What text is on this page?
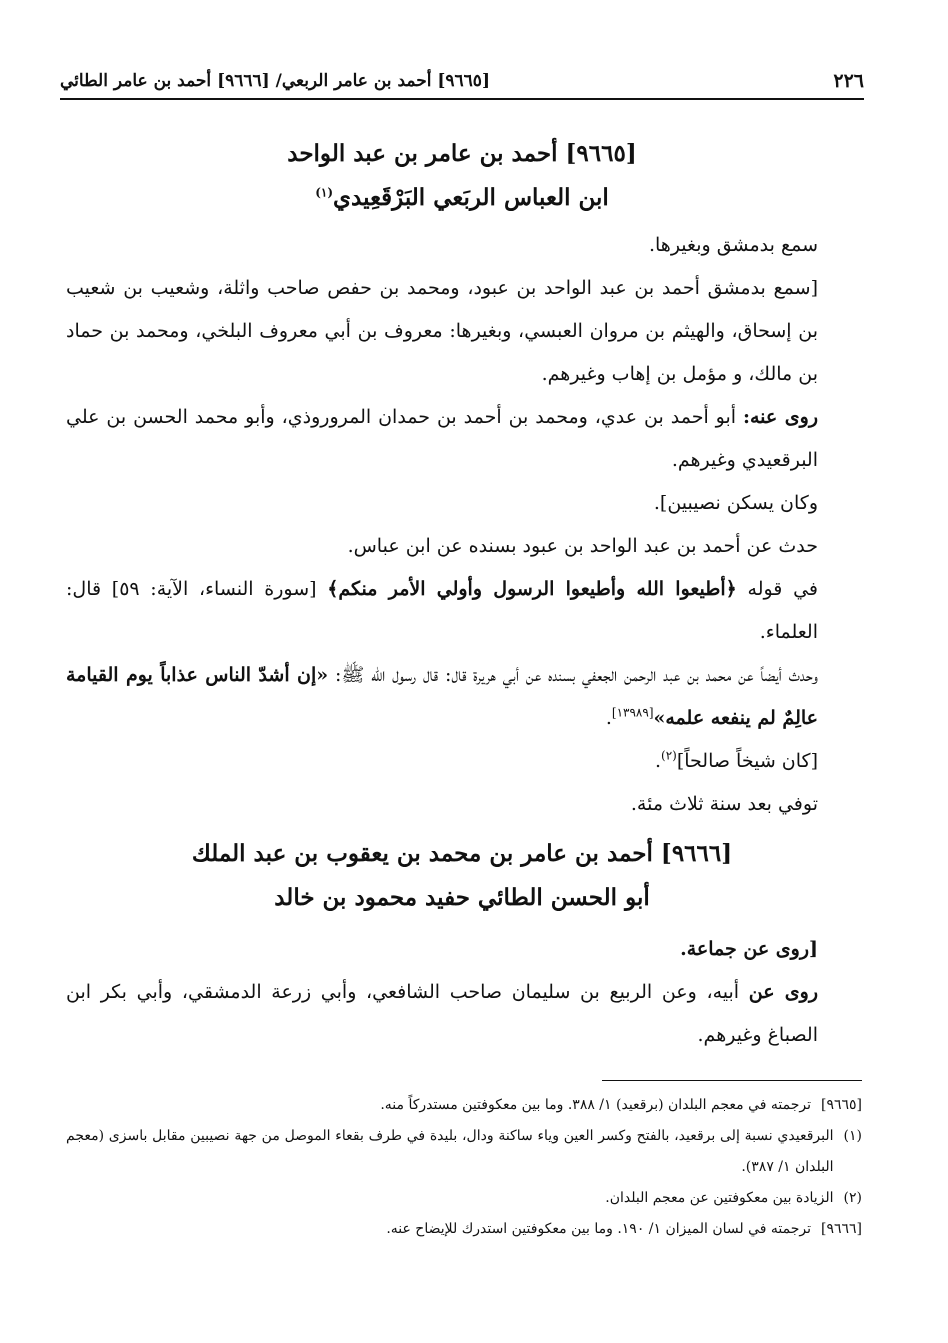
٢٢٦
[٩٦٦٥] أحمد بن عامر الربعي/ [٩٦٦٦] أحمد بن عامر الطائي
[٩٦٦٥] أحمد بن عامر بن عبد الواحد
ابن العباس الربَعي البَرْقَعِيدي$^{(١)}$

سمع بدمشق وبغيرها.

[سمع بدمشق أحمد بن عبد الواحد بن عبود، ومحمد بن حفص صاحب واثلة، وشعيب بن شعيب بن إسحاق، والهيثم بن مروان العبسي، وبغيرها: معروف بن أبي معروف البلخي، ومحمد بن حماد بن مالك، و مؤمل بن إهاب وغيرهم.

روى عنه: أبو أحمد بن عدي، ومحمد بن أحمد بن حمدان المروروذي، وأبو محمد الحسن بن علي البرقعيدي وغيرهم.

وكان يسكن نصيبين].

حدث عن أحمد بن عبد الواحد بن عبود بسنده عن ابن عباس.

في قوله ﴿أطيعوا الله وأطيعوا الرسول وأولي الأمر منكم﴾ [سورة النساء، الآية: ٥٩] قال: العلماء.

وحدث أيضاً عن محمد بن عبد الرحمن الجعفي بسنده عن أبي هريرة قال: قال رسول الله ﷺ: «إن أشدّ الناس عذاباً يوم القيامة عالِمٌ لم ينفعه علمه»[١٣٩٨٩].

[كان شيخاً صالحاً]$^{(٢)}$.

توفي بعد سنة ثلاث مئة.

[٩٦٦٦] أحمد بن عامر بن محمد بن يعقوب بن عبد الملك
أبو الحسن الطائي حفيد محمود بن خالد

[روى عن جماعة.

روى عن أبيه، وعن الربيع بن سليمان صاحب الشافعي، وأبي زرعة الدمشقي، وأبي بكر ابن الصباغ وغيرهم.

[٩٦٦٥]
ترجمته في معجم البلدان (برقعيد) ١/ ٣٨٨. وما بين معكوفتين مستدركاً منه.
(١)
البرقعيدي نسبة إلى برقعيد، بالفتح وكسر العين وياء ساكنة ودال، بليدة في طرف بقعاء الموصل من جهة نصيبين مقابل باسزى (معجم البلدان ١/ ٣٨٧).
(٢)
الزيادة بين معكوفتين عن معجم البلدان.
[٩٦٦٦]
ترجمته في لسان الميزان ١/ ١٩٠. وما بين معكوفتين استدرك للإيضاح عنه.
